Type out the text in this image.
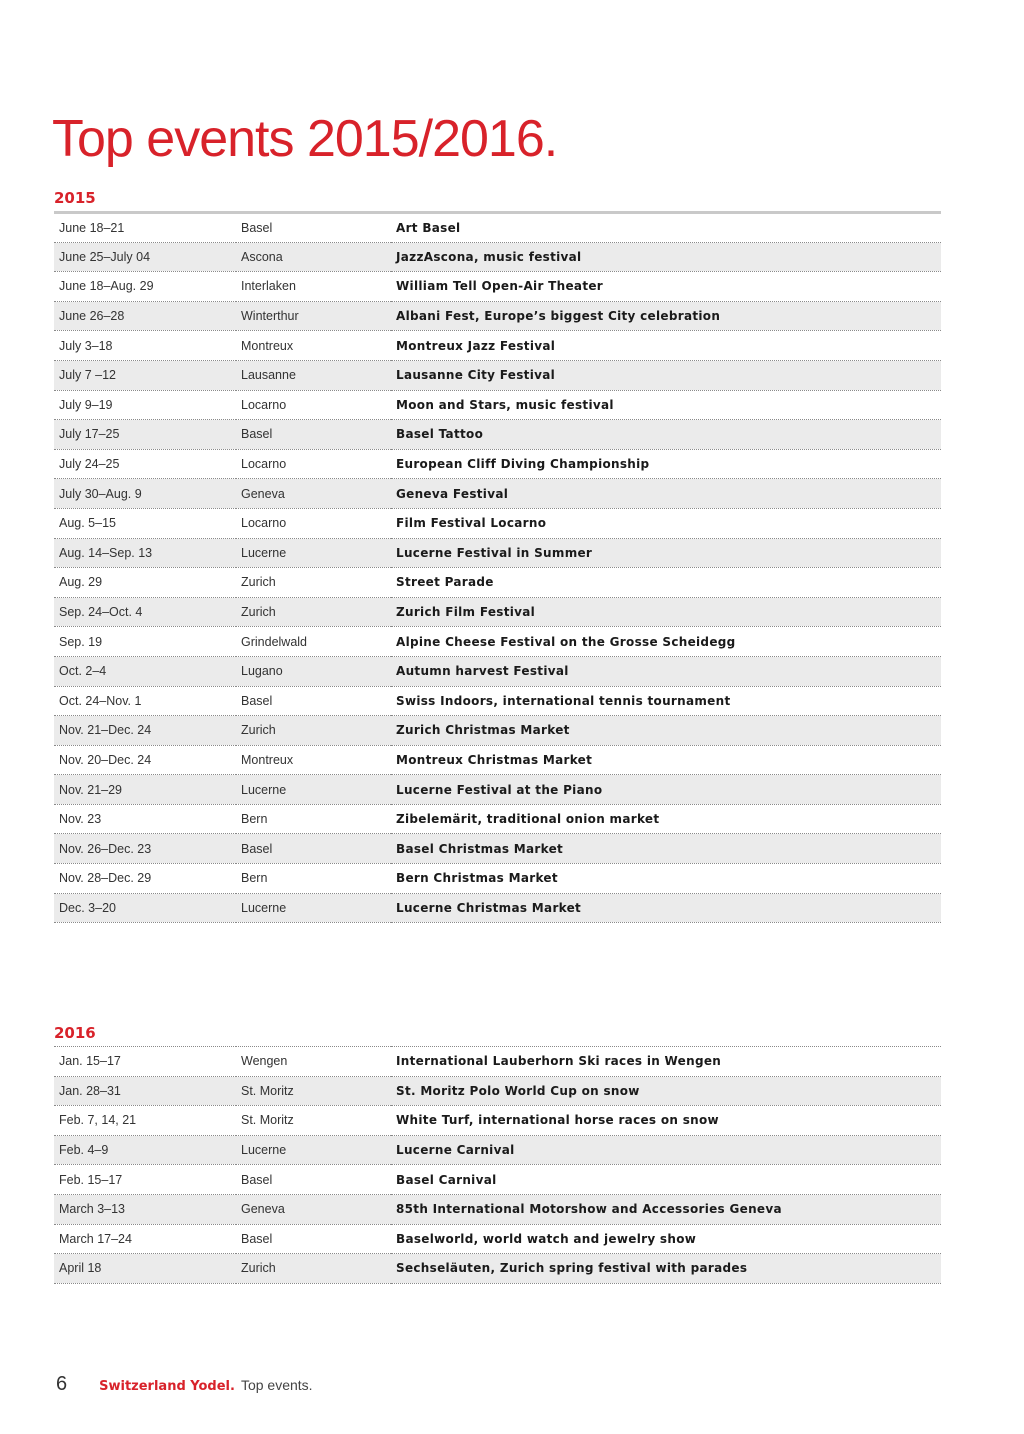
Top events 2015/2016.
2015
June 18–21	Basel	Art Basel
June 25–July 04	Ascona	JazzAscona, music festival
June 18–Aug. 29	Interlaken	William Tell Open-Air Theater
June 26–28	Winterthur	Albani Fest, Europe’s biggest City celebration
July 3–18	Montreux	Montreux Jazz Festival
July 7 –12	Lausanne	Lausanne City Festival
July 9–19	Locarno	Moon and Stars, music festival
July 17–25	Basel	Basel Tattoo
July 24–25	Locarno	European Cliff Diving Championship
July 30–Aug. 9	Geneva	Geneva Festival
Aug. 5–15	Locarno	Film Festival Locarno
Aug. 14–Sep. 13	Lucerne	Lucerne Festival in Summer
Aug. 29	Zurich	Street Parade
Sep. 24–Oct. 4	Zurich	Zurich Film Festival
Sep. 19	Grindelwald	Alpine Cheese Festival on the Grosse Scheidegg
Oct. 2–4	Lugano	Autumn harvest Festival
Oct. 24–Nov. 1	Basel	Swiss Indoors, international tennis tournament
Nov. 21–Dec. 24	Zurich	Zurich Christmas Market
Nov. 20–Dec. 24	Montreux	Montreux Christmas Market
Nov. 21–29	Lucerne	Lucerne Festival at the Piano
Nov. 23	Bern	Zibelemärit, traditional onion market
Nov. 26–Dec. 23	Basel	Basel Christmas Market
Nov. 28–Dec. 29	Bern	Bern Christmas Market
Dec. 3–20	Lucerne	Lucerne Christmas Market
2016
Jan. 15–17	Wengen	International Lauberhorn Ski races in Wengen
Jan. 28–31	St. Moritz	St. Moritz Polo World Cup on snow
Feb. 7, 14, 21	St. Moritz	White Turf, international horse races on snow
Feb. 4–9	Lucerne	Lucerne Carnival
Feb. 15–17	Basel	Basel Carnival
March 3–13	Geneva	85th International Motorshow and Accessories Geneva
March 17–24	Basel	Baselworld, world watch and jewelry show
April 18	Zurich	Sechseläuten, Zurich spring festival with parades
6 Switzerland Yodel. Top events.
